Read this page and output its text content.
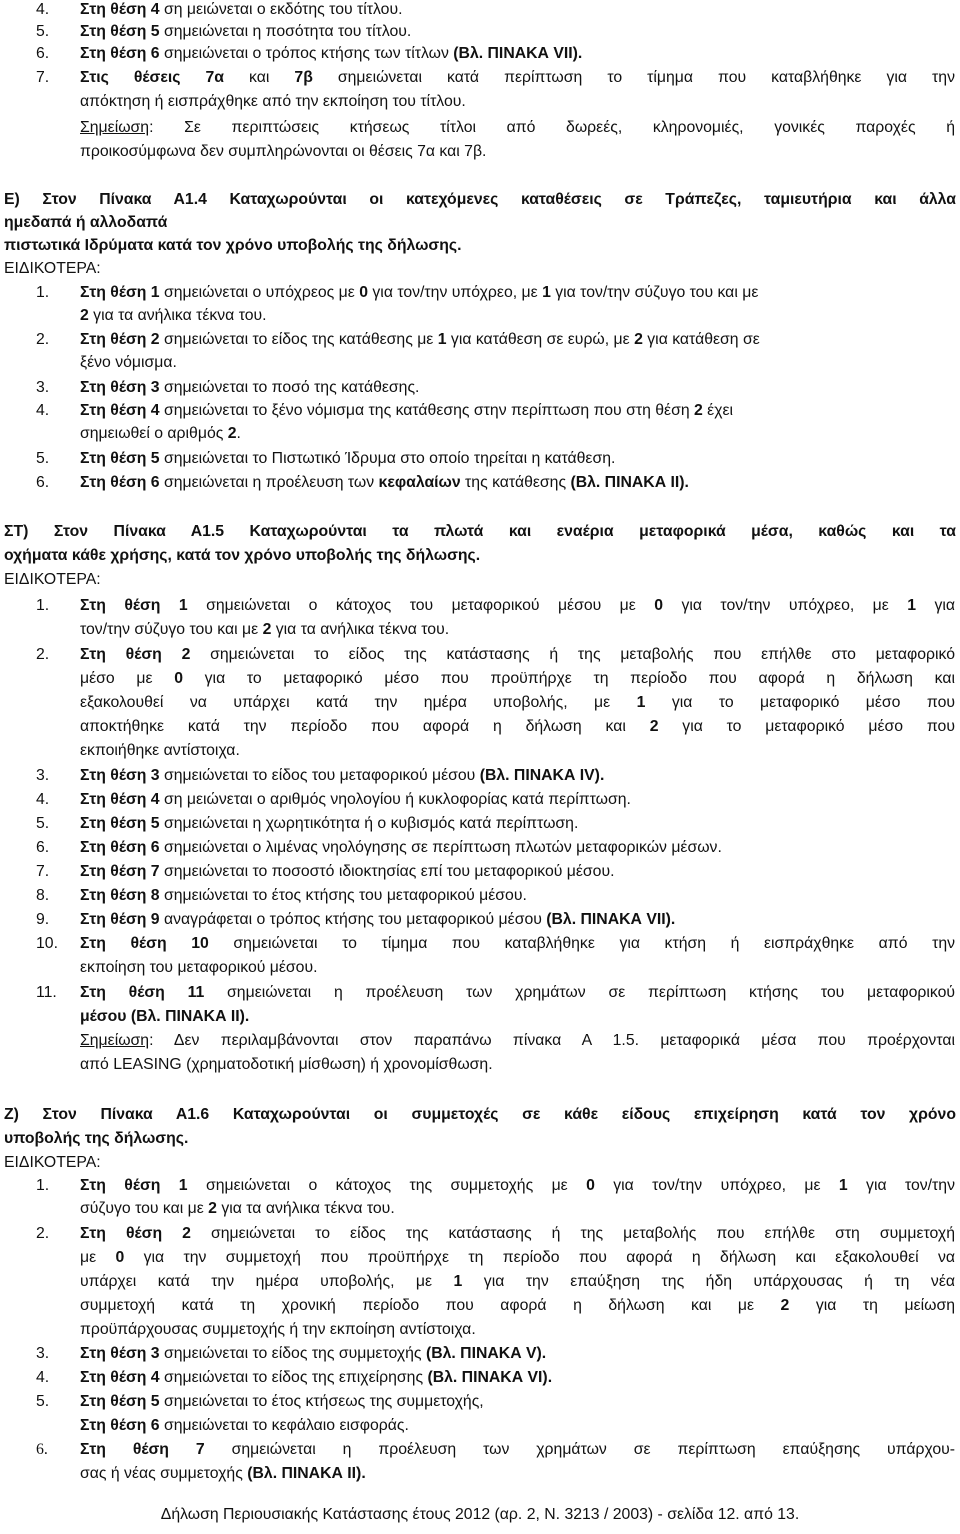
4. Στη θέση 4 ση μειώνεται ο εκδότης του τίτλου.
5. Στη θέση 5 σημειώνεται η ποσότητα του τίτλου.
6. Στη θέση 6 σημειώνεται ο τρόπος κτήσης των τίτλων (Βλ. ΠΙΝΑΚΑ VII).
7. Στις θέσεις 7α και 7β σημειώνεται κατά περίπτωση το τίμημα που καταβλήθηκε για την
απόκτηση ή εισπράχθηκε από την εκποίηση του τίτλου.
Σημείωση: Σε περιπτώσεις κτήσεως τίτλοι από δωρεές, κληρονομιές, γονικές παροχές ή
προικοσύμφωνα δεν συμπληρώνονται οι θέσεις 7α και 7β.
Ε) Στον Πίνακα Α1.4 Καταχωρούνται οι κατεχόμενες καταθέσεις σε Τράπεζες, ταμιευτήρια και άλλα
ημεδαπά ή αλλοδαπά
πιστωτικά Ιδρύματα κατά τον χρόνο υποβολής της δήλωσης.
ΕΙΔΙΚΟΤΕΡΑ:
1. Στη θέση 1 σημειώνεται ο υπόχρεος με 0 για τον/την υπόχρεο, με 1 για τον/την σύζυγο του και με
2 για τα ανήλικα τέκνα του.
2. Στη θέση 2 σημειώνεται το είδος της κατάθεσης με 1 για κατάθεση σε ευρώ, με 2 για κατάθεση σε
ξένο νόμισμα.
3. Στη θέση 3 σημειώνεται το ποσό της κατάθεσης.
4. Στη θέση 4 σημειώνεται το ξένο νόμισμα της κατάθεσης στην περίπτωση που στη θέση 2 έχει
σημειωθεί ο αριθμός 2.
5. Στη θέση 5 σημειώνεται το Πιστωτικό Ίδρυμα στο οποίο τηρείται η κατάθεση.
6. Στη θέση 6 σημειώνεται η προέλευση των κεφαλαίων της κατάθεσης (Βλ. ΠΙΝΑΚΑ ΙΙ).
ΣΤ) Στον Πίνακα Α1.5 Καταχωρούνται τα πλωτά και εναέρια μεταφορικά μέσα, καθώς και τα
οχήματα κάθε χρήσης, κατά τον χρόνο υποβολής της δήλωσης.
ΕΙΔΙΚΟΤΕΡΑ:
1. Στη θέση 1 σημειώνεται ο κάτοχος του μεταφορικού μέσου με 0 για τον/την υπόχρεο, με 1 για
τον/την σύζυγο του και με 2 για τα ανήλικα τέκνα του.
2. Στη θέση 2 σημειώνεται το είδος της κατάστασης ή της μεταβολής που επήλθε στο μεταφορικό
μέσο με 0 για το μεταφορικό μέσο που προϋπήρχε τη περίοδο που αφορά η δήλωση και
εξακολουθεί να υπάρχει κατά την ημέρα υποβολής, με 1 για το μεταφορικό μέσο που
αποκτήθηκε κατά την περίοδο που αφορά η δήλωση και 2 για το μεταφορικό μέσο που
εκποιήθηκε αντίστοιχα.
3. Στη θέση 3 σημειώνεται το είδος του μεταφορικού μέσου (Βλ. ΠΙΝΑΚΑ IV).
4. Στη θέση 4 ση μειώνεται ο αριθμός νηολογίου ή κυκλοφορίας κατά περίπτωση.
5. Στη θέση 5 σημειώνεται η χωρητικότητα ή ο κυβισμός κατά περίπτωση.
6. Στη θέση 6 σημειώνεται ο λιμένας νηολόγησης σε περίπτωση πλωτών μεταφορικών μέσων.
7. Στη θέση 7 σημειώνεται το ποσοστό ιδιοκτησίας επί του μεταφορικού μέσου.
8. Στη θέση 8 σημειώνεται το έτος κτήσης του μεταφορικού μέσου.
9. Στη θέση 9 αναγράφεται ο τρόπος κτήσης του μεταφορικού μέσου (Βλ. ΠΙΝΑΚΑ VII).
10. Στη θέση 10 σημειώνεται το τίμημα που καταβλήθηκε για κτήση ή εισπράχθηκε από την
εκποίηση του μεταφορικού μέσου.
11. Στη θέση 11 σημειώνεται η προέλευση των χρημάτων σε περίπτωση κτήσης του μεταφορικού
μέσου (Βλ. ΠΙΝΑΚΑ ΙΙ).
Σημείωση: Δεν περιλαμβάνονται στον παραπάνω πίνακα Α 1.5. μεταφορικά μέσα που προέρχονται
από LEASING (χρηματοδοτική μίσθωση) ή χρονομίσθωση.
Ζ) Στον Πίνακα Α1.6 Καταχωρούνται οι συμμετοχές σε κάθε είδους επιχείρηση κατά τον χρόνο
υποβολής της δήλωσης.
ΕΙΔΙΚΟΤΕΡΑ:
1. Στη θέση 1 σημειώνεται ο κάτοχος της συμμετοχής με 0 για τον/την υπόχρεο, με 1 για τον/την
σύζυγο του και με 2 για τα ανήλικα τέκνα του.
2. Στη θέση 2 σημειώνεται το είδος της κατάστασης ή της μεταβολής που επήλθε στη συμμετοχή
με 0 για την συμμετοχή που προϋπήρχε τη περίοδο που αφορά η δήλωση και εξακολουθεί να
υπάρχει κατά την ημέρα υποβολής, με 1 για την επαύξηση της ήδη υπάρχουσας ή τη νέα
συμμετοχή κατά τη χρονική περίοδο που αφορά η δήλωση και με 2 για τη μείωση
προϋπάρχουσας συμμετοχής ή την εκποίηση αντίστοιχα.
3. Στη θέση 3 σημειώνεται το είδος της συμμετοχής (Βλ. ΠΙΝΑΚΑ V).
4. Στη θέση 4 σημειώνεται το είδος της επιχείρησης (Βλ. ΠΙΝΑΚΑ VI).
5. Στη θέση 5 σημειώνεται το έτος κτήσεως της συμμετοχής,
Στη θέση 6 σημειώνεται το κεφάλαιο εισφοράς.
6. Στη θέση 7 σημειώνεται η προέλευση των χρημάτων σε περίπτωση επαύξησης υπάρχου-
σας ή νέας συμμετοχής (Βλ. ΠΙΝΑΚΑ ΙΙ).
Δήλωση Περιουσιακής Κατάστασης έτους 2012 (αρ. 2, Ν. 3213 / 2003) - σελίδα 12. από 13.
